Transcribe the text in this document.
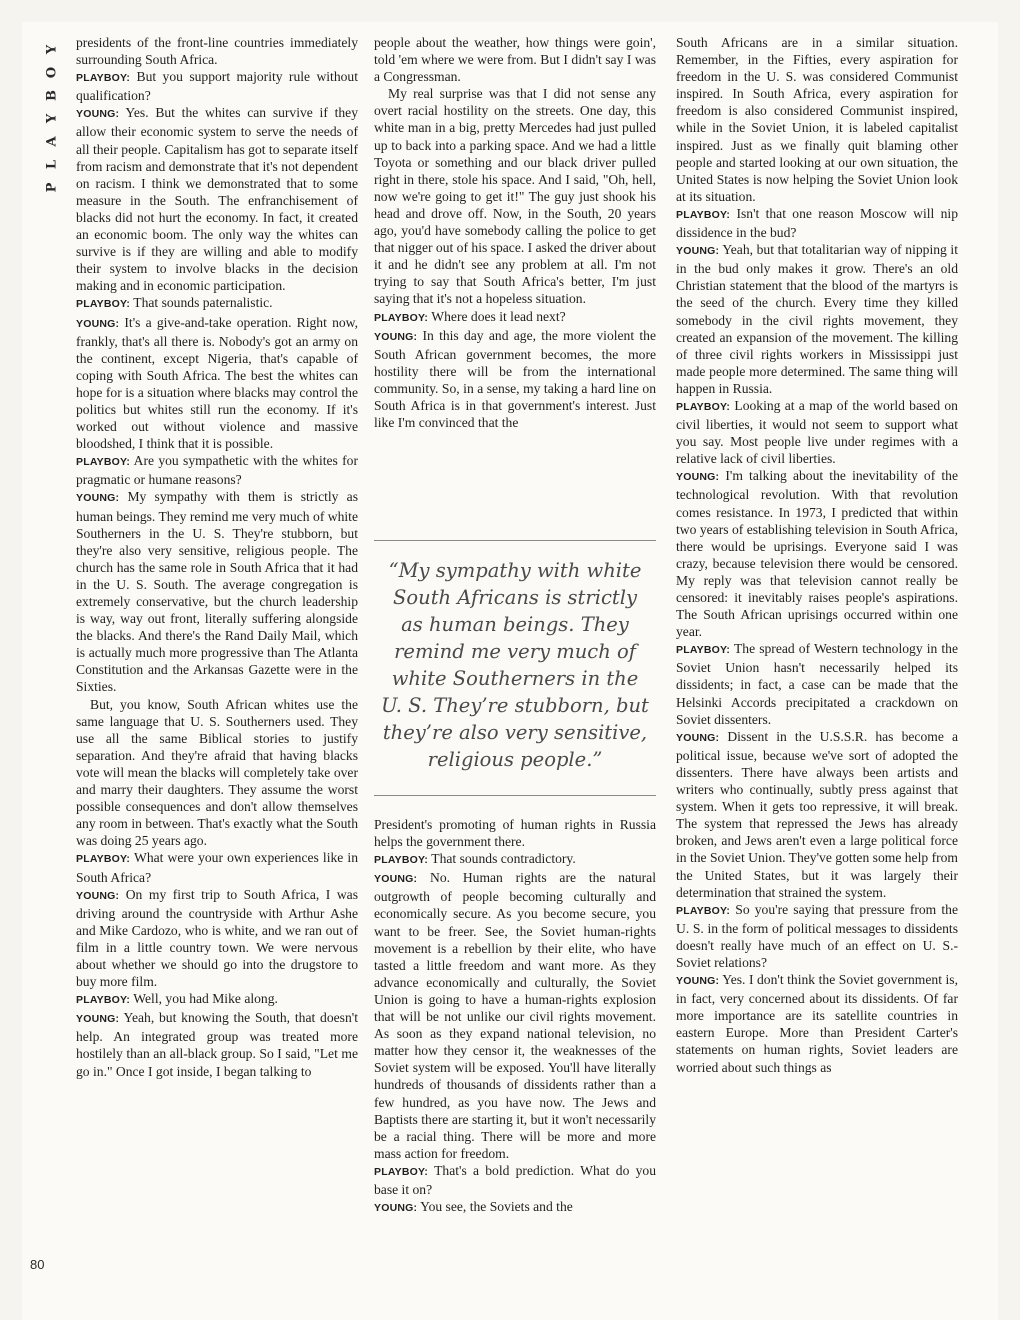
P
L
A
Y
B
O
Y presidents of the front-line countries immediately surrounding South Africa.

PLAYBOY: But you support majority rule without qualification?

YOUNG: Yes. But the whites can survive if they allow their economic system to serve the needs of all their people. Capitalism has got to separate itself from racism and demonstrate that it's not dependent on racism. I think we demonstrated that to some measure in the South. The enfranchisement of blacks did not hurt the economy. In fact, it created an economic boom. The only way the whites can survive is if they are willing and able to modify their system to involve blacks in the decision making and in economic participation.

PLAYBOY: That sounds paternalistic.

YOUNG: It's a give-and-take operation. Right now, frankly, that's all there is. Nobody's got an army on the continent, except Nigeria, that's capable of coping with South Africa. The best the whites can hope for is a situation where blacks may control the politics but whites still run the economy. If it's worked out without violence and massive bloodshed, I think that it is possible.

PLAYBOY: Are you sympathetic with the whites for pragmatic or humane reasons?

YOUNG: My sympathy with them is strictly as human beings. They remind me very much of white Southerners in the U. S. They're stubborn, but they're also very sensitive, religious people. The church has the same role in South Africa that it had in the U. S. South. The average congregation is extremely conservative, but the church leadership is way, way out front, literally suffering alongside the blacks. And there's the Rand Daily Mail, which is actually much more progressive than The Atlanta Constitution and the Arkansas Gazette were in the Sixties.

But, you know, South African whites use the same language that U. S. Southerners used. They use all the same Biblical stories to justify separation. And they're afraid that having blacks vote will mean the blacks will completely take over and marry their daughters. They assume the worst possible consequences and don't allow themselves any room in between. That's exactly what the South was doing 25 years ago.

PLAYBOY: What were your own experiences like in South Africa?

YOUNG: On my first trip to South Africa, I was driving around the countryside with Arthur Ashe and Mike Cardozo, who is white, and we ran out of film in a little country town. We were nervous about whether we should go into the drugstore to buy more film.

PLAYBOY: Well, you had Mike along.

YOUNG: Yeah, but knowing the South, that doesn't help. An integrated group was treated more hostilely than an all-black group. So I said, "Let me go in." Once I got inside, I began talking to

people about the weather, how things were goin', told 'em where we were from. But I didn't say I was a Congressman.

My real surprise was that I did not sense any overt racial hostility on the streets. One day, this white man in a big, pretty Mercedes had just pulled up to back into a parking space. And we had a little Toyota or something and our black driver pulled right in there, stole his space. And I said, "Oh, hell, now we're going to get it!" The guy just shook his head and drove off. Now, in the South, 20 years ago, you'd have somebody calling the police to get that nigger out of his space. I asked the driver about it and he didn't see any problem at all. I'm not trying to say that South Africa's better, I'm just saying that it's not a hopeless situation.

PLAYBOY: Where does it lead next?

YOUNG: In this day and age, the more violent the South African government becomes, the more hostility there will be from the international community. So, in a sense, my taking a hard line on South Africa is in that government's interest. Just like I'm convinced that the

“My sympathy with white South Africans is strictly as human beings. They remind me very much of white Southerners in the U. S. They’re stubborn, but they’re also very sensitive, religious people.”

President's promoting of human rights in Russia helps the government there.

PLAYBOY: That sounds contradictory.

YOUNG: No. Human rights are the natural outgrowth of people becoming culturally and economically secure. As you become secure, you want to be freer. See, the Soviet human-rights movement is a rebellion by their elite, who have tasted a little freedom and want more. As they advance economically and culturally, the Soviet Union is going to have a human-rights explosion that will be not unlike our civil rights movement. As soon as they expand national television, no matter how they censor it, the weaknesses of the Soviet system will be exposed. You'll have literally hundreds of thousands of dissidents rather than a few hundred, as you have now. The Jews and Baptists there are starting it, but it won't necessarily be a racial thing. There will be more and more mass action for freedom.

PLAYBOY: That's a bold prediction. What do you base it on?

YOUNG: You see, the Soviets and the

South Africans are in a similar situation. Remember, in the Fifties, every aspiration for freedom in the U. S. was considered Communist inspired. In South Africa, every aspiration for freedom is also considered Communist inspired, while in the Soviet Union, it is labeled capitalist inspired. Just as we finally quit blaming other people and started looking at our own situation, the United States is now helping the Soviet Union look at its situation.

PLAYBOY: Isn't that one reason Moscow will nip dissidence in the bud?

YOUNG: Yeah, but that totalitarian way of nipping it in the bud only makes it grow. There's an old Christian statement that the blood of the martyrs is the seed of the church. Every time they killed somebody in the civil rights movement, they created an expansion of the movement. The killing of three civil rights workers in Mississippi just made people more determined. The same thing will happen in Russia.

PLAYBOY: Looking at a map of the world based on civil liberties, it would not seem to support what you say. Most people live under regimes with a relative lack of civil liberties.

YOUNG: I'm talking about the inevitability of the technological revolution. With that revolution comes resistance. In 1973, I predicted that within two years of establishing television in South Africa, there would be uprisings. Everyone said I was crazy, because television there would be censored. My reply was that television cannot really be censored: it inevitably raises people's aspirations. The South African uprisings occurred within one year.

PLAYBOY: The spread of Western technology in the Soviet Union hasn't necessarily helped its dissidents; in fact, a case can be made that the Helsinki Accords precipitated a crackdown on Soviet dissenters.

YOUNG: Dissent in the U.S.S.R. has become a political issue, because we've sort of adopted the dissenters. There have always been artists and writers who continually, subtly press against that system. When it gets too repressive, it will break. The system that repressed the Jews has already broken, and Jews aren't even a large political force in the Soviet Union. They've gotten some help from the United States, but it was largely their determination that strained the system.

PLAYBOY: So you're saying that pressure from the U. S. in the form of political messages to dissidents doesn't really have much of an effect on U. S.-Soviet relations?

YOUNG: Yes. I don't think the Soviet government is, in fact, very concerned about its dissidents. Of far more importance are its satellite countries in eastern Europe. More than President Carter's statements on human rights, Soviet leaders are worried about such things as

80
